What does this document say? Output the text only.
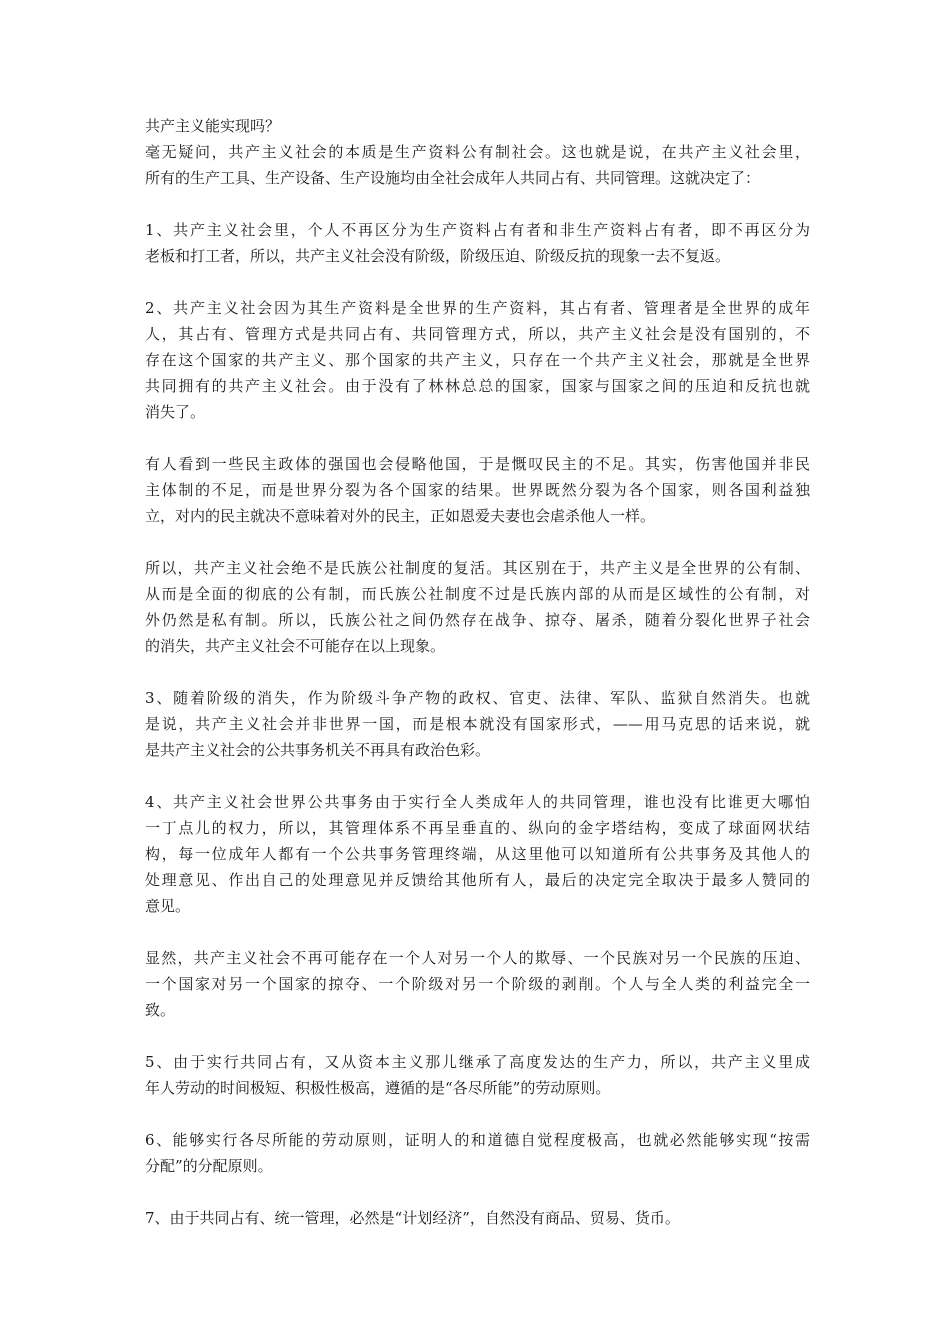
共产主义能实现吗？
毫无疑问，共产主义社会的本质是生产资料公有制社会。这也就是说，在共产主义社会里，
所有的生产工具、生产设备、生产设施均由全社会成年人共同占有、共同管理。这就决定了：
1、共产主义社会里，个人不再区分为生产资料占有者和非生产资料占有者，即不再区分为
老板和打工者，所以，共产主义社会没有阶级，阶级压迫、阶级反抗的现象一去不复返。
2、共产主义社会因为其生产资料是全世界的生产资料，其占有者、管理者是全世界的成年
人，其占有、管理方式是共同占有、共同管理方式，所以，共产主义社会是没有国别的，不
存在这个国家的共产主义、那个国家的共产主义，只存在一个共产主义社会，那就是全世界
共同拥有的共产主义社会。由于没有了林林总总的国家，国家与国家之间的压迫和反抗也就
消失了。
有人看到一些民主政体的强国也会侵略他国，于是慨叹民主的不足。其实，伤害他国并非民
主体制的不足，而是世界分裂为各个国家的结果。世界既然分裂为各个国家，则各国利益独
立，对内的民主就决不意味着对外的民主，正如恩爱夫妻也会虐杀他人一样。
所以，共产主义社会绝不是氏族公社制度的复活。其区别在于，共产主义是全世界的公有制、
从而是全面的彻底的公有制，而氏族公社制度不过是氏族内部的从而是区域性的公有制，对
外仍然是私有制。所以，氏族公社之间仍然存在战争、掠夺、屠杀，随着分裂化世界子社会
的消失，共产主义社会不可能存在以上现象。
3、随着阶级的消失，作为阶级斗争产物的政权、官吏、法律、军队、监狱自然消失。也就
是说，共产主义社会并非世界一国，而是根本就没有国家形式，——用马克思的话来说，就
是共产主义社会的公共事务机关不再具有政治色彩。
4、共产主义社会世界公共事务由于实行全人类成年人的共同管理，谁也没有比谁更大哪怕
一丁点儿的权力，所以，其管理体系不再呈垂直的、纵向的金字塔结构，变成了球面网状结
构，每一位成年人都有一个公共事务管理终端，从这里他可以知道所有公共事务及其他人的
处理意见、作出自己的处理意见并反馈给其他所有人，最后的决定完全取决于最多人赞同的
意见。
显然，共产主义社会不再可能存在一个人对另一个人的欺辱、一个民族对另一个民族的压迫、
一个国家对另一个国家的掠夺、一个阶级对另一个阶级的剥削。个人与全人类的利益完全一
致。
5、由于实行共同占有，又从资本主义那儿继承了高度发达的生产力，所以，共产主义里成
年人劳动的时间极短、积极性极高，遵循的是“各尽所能”的劳动原则。
6、能够实行各尽所能的劳动原则，证明人的和道德自觉程度极高，也就必然能够实现“按需
分配”的分配原则。
7、由于共同占有、统一管理，必然是“计划经济”，自然没有商品、贸易、货币。
